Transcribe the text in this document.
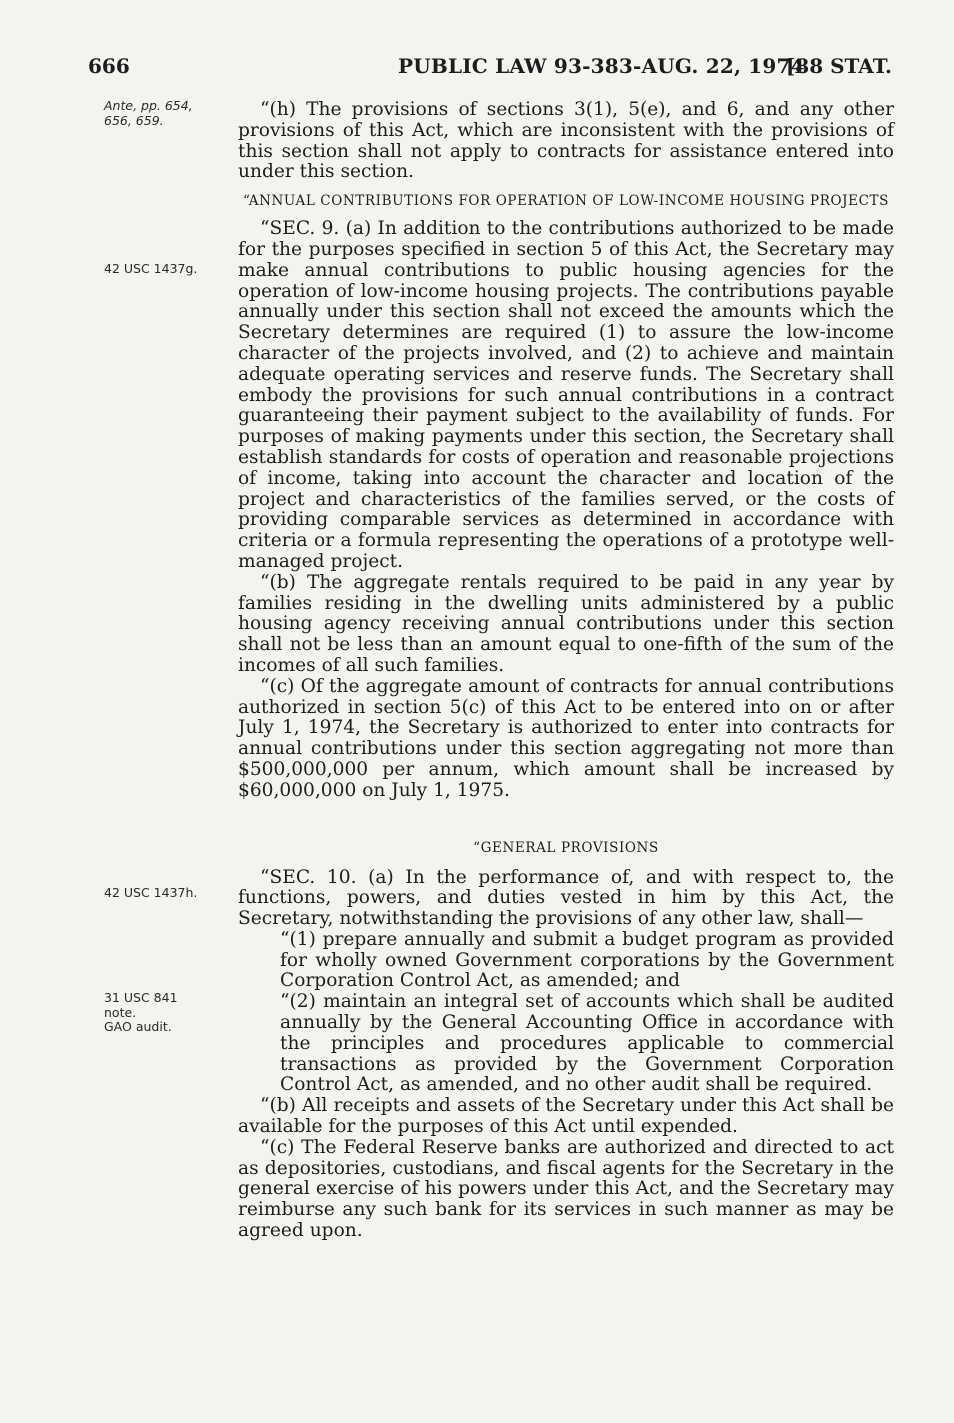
666	PUBLIC LAW 93-383-AUG. 22, 1974
[88 STAT.
Ante, pp. 654, 656, 659.
42 USC 1437g.
42 USC 1437h.
31 USC 841 note.
GAO audit.

“(h) The provisions of sections 3(1), 5(e), and 6, and any other provisions of this Act, which are inconsistent with the provisions of this section shall not apply to contracts for assistance entered into under this section.

“ANNUAL CONTRIBUTIONS FOR OPERATION OF LOW-INCOME HOUSING PROJECTS

“SEC. 9. (a) In addition to the contributions authorized to be made for the purposes specified in section 5 of this Act, the Secretary may make annual contributions to public housing agencies for the operation of low-income housing projects. The contributions payable annually under this section shall not exceed the amounts which the Secretary determines are required (1) to assure the low-income character of the projects involved, and (2) to achieve and maintain adequate operating services and reserve funds. The Secretary shall embody the provisions for such annual contributions in a contract guaranteeing their payment subject to the availability of funds. For purposes of making payments under this section, the Secretary shall establish standards for costs of operation and reasonable projections of income, taking into account the character and location of the project and characteristics of the families served, or the costs of providing comparable services as determined in accordance with criteria or a formula representing the operations of a prototype well-managed project.

“(b) The aggregate rentals required to be paid in any year by families residing in the dwelling units administered by a public housing agency receiving annual contributions under this section shall not be less than an amount equal to one-fifth of the sum of the incomes of all such families.

“(c) Of the aggregate amount of contracts for annual contributions authorized in section 5(c) of this Act to be entered into on or after July 1, 1974, the Secretary is authorized to enter into contracts for annual contributions under this section aggregating not more than $500,000,000 per annum, which amount shall be increased by $60,000,000 on July 1, 1975.

“GENERAL PROVISIONS

“SEC. 10. (a) In the performance of, and with respect to, the functions, powers, and duties vested in him by this Act, the Secretary, notwithstanding the provisions of any other law, shall—

“(1) prepare annually and submit a budget program as provided for wholly owned Government corporations by the Government Corporation Control Act, as amended; and

“(2) maintain an integral set of accounts which shall be audited annually by the General Accounting Office in accordance with the principles and procedures applicable to commercial transactions as provided by the Government Corporation Control Act, as amended, and no other audit shall be required.

“(b) All receipts and assets of the Secretary under this Act shall be available for the purposes of this Act until expended.

“(c) The Federal Reserve banks are authorized and directed to act as depositories, custodians, and fiscal agents for the Secretary in the general exercise of his powers under this Act, and the Secretary may reimburse any such bank for its services in such manner as may be agreed upon.
